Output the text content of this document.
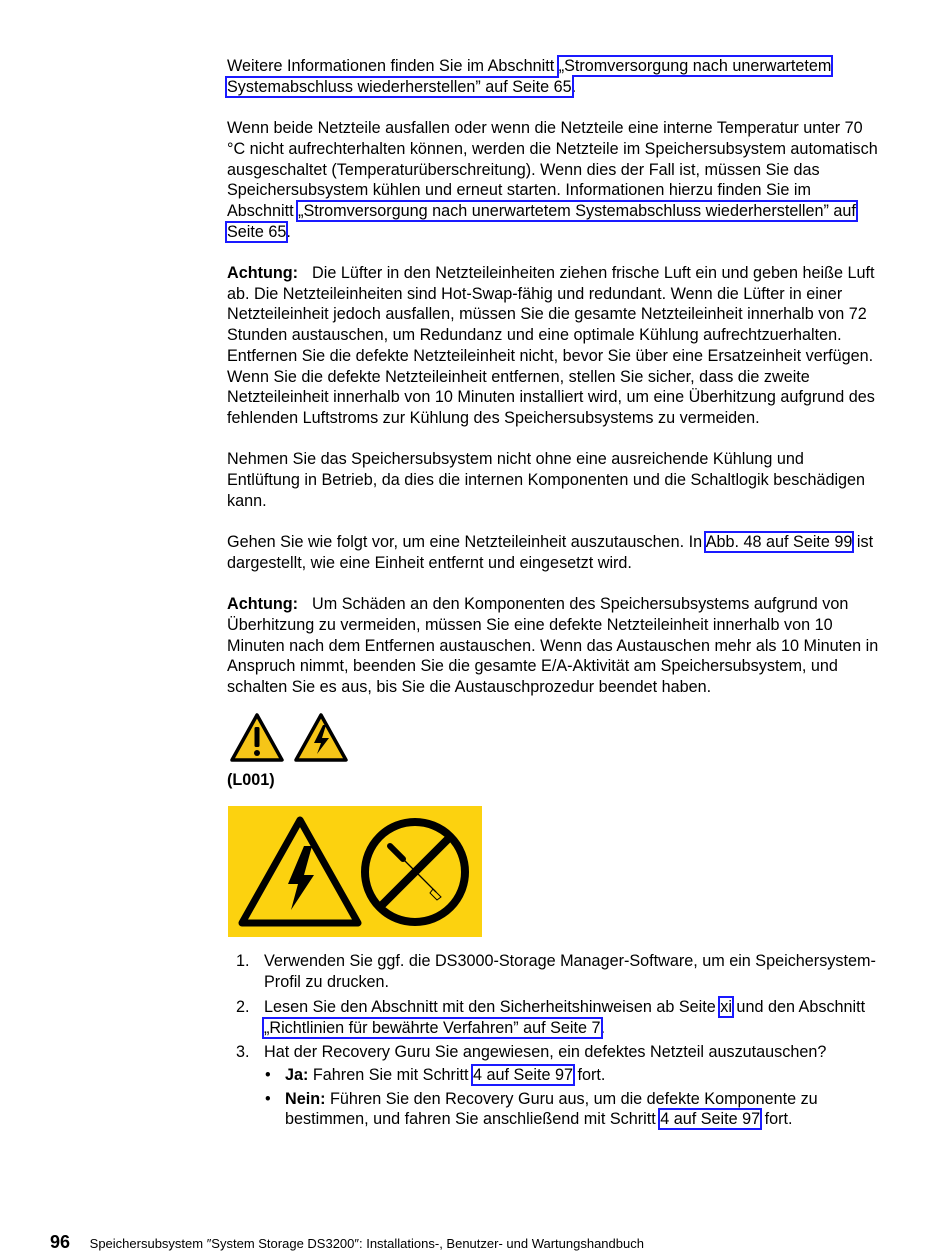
Weitere Informationen finden Sie im Abschnitt „Stromversorgung nach unerwartetem Systemabschluss wiederherstellen” auf Seite 65.

Wenn beide Netzteile ausfallen oder wenn die Netzteile eine interne Temperatur unter 70 °C nicht aufrechterhalten können, werden die Netzteile im Speichersubsystem automatisch ausgeschaltet (Temperaturüberschreitung). Wenn dies der Fall ist, müssen Sie das Speichersubsystem kühlen und erneut starten. Informationen hierzu finden Sie im Abschnitt „Stromversorgung nach unerwartetem Systemabschluss wiederherstellen” auf Seite 65.

Achtung: Die Lüfter in den Netzteileinheiten ziehen frische Luft ein und geben heiße Luft ab. Die Netzteileinheiten sind Hot-Swap-fähig und redundant. Wenn die Lüfter in einer Netzteileinheit jedoch ausfallen, müssen Sie die gesamte Netzteileinheit innerhalb von 72 Stunden austauschen, um Redundanz und eine optimale Kühlung aufrechtzuerhalten. Entfernen Sie die defekte Netzteileinheit nicht, bevor Sie über eine Ersatzeinheit verfügen. Wenn Sie die defekte Netzteileinheit entfernen, stellen Sie sicher, dass die zweite Netzteileinheit innerhalb von 10 Minuten installiert wird, um eine Überhitzung aufgrund des fehlenden Luftstroms zur Kühlung des Speichersubsystems zu vermeiden.

Nehmen Sie das Speichersubsystem nicht ohne eine ausreichende Kühlung und Entlüftung in Betrieb, da dies die internen Komponenten und die Schaltlogik beschädigen kann.

Gehen Sie wie folgt vor, um eine Netzteileinheit auszutauschen. In Abb. 48 auf Seite 99 ist dargestellt, wie eine Einheit entfernt und eingesetzt wird.

Achtung: Um Schäden an den Komponenten des Speichersubsystems aufgrund von Überhitzung zu vermeiden, müssen Sie eine defekte Netzteileinheit innerhalb von 10 Minuten nach dem Entfernen austauschen. Wenn das Austauschen mehr als 10 Minuten in Anspruch nimmt, beenden Sie die gesamte E/A-Aktivität am Speichersubsystem, und schalten Sie es aus, bis Sie die Austauschprozedur beendet haben.

(L001)
1. Verwenden Sie ggf. die DS3000-Storage Manager-Software, um ein Speichersystem-Profil zu drucken.
2. Lesen Sie den Abschnitt mit den Sicherheitshinweisen ab Seite xi und den Abschnitt „Richtlinien für bewährte Verfahren” auf Seite 7.
3. Hat der Recovery Guru Sie angewiesen, ein defektes Netzteil auszutauschen?
• Ja: Fahren Sie mit Schritt 4 auf Seite 97 fort.
• Nein: Führen Sie den Recovery Guru aus, um die defekte Komponente zu bestimmen, und fahren Sie anschließend mit Schritt 4 auf Seite 97 fort.
96 Speichersubsystem ″System Storage DS3200″: Installations-, Benutzer- und Wartungshandbuch
